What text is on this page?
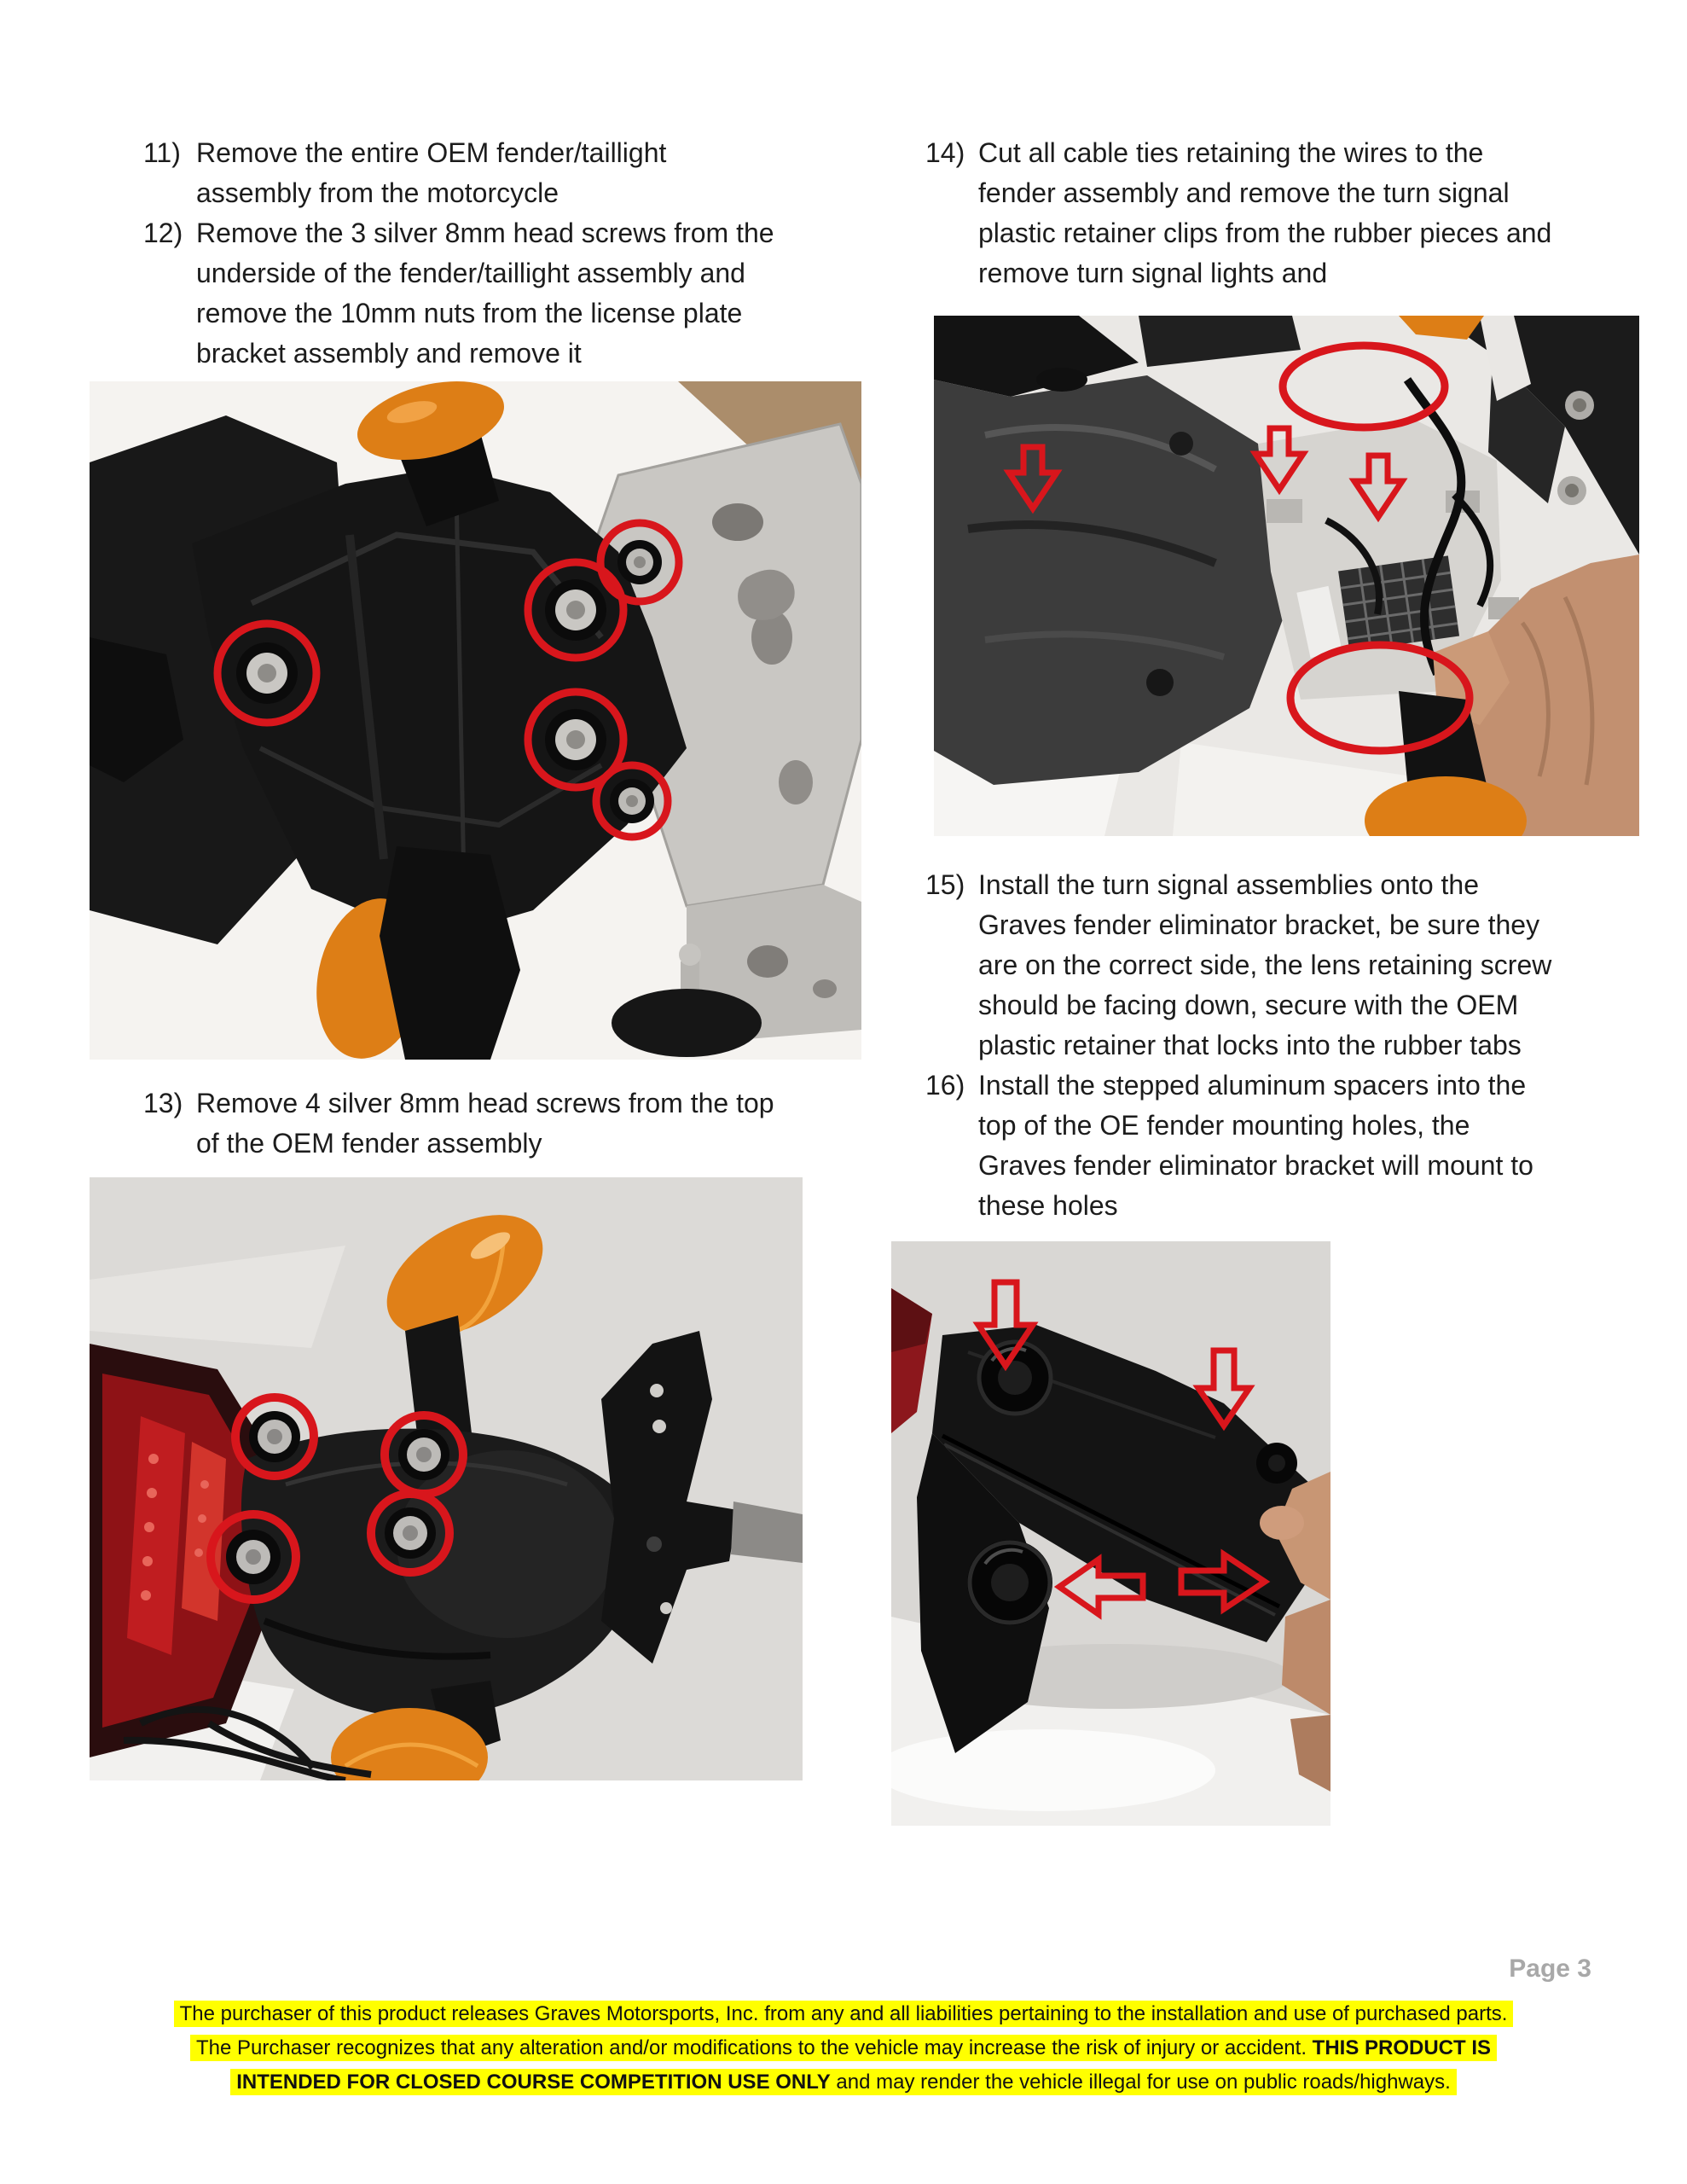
11) Remove the entire OEM fender/taillight
assembly from the motorcycle
12) Remove the 3 silver 8mm head screws from the
underside of the fender/taillight assembly and
remove the 10mm nuts from the license plate
bracket assembly and remove it
14) Cut all cable ties retaining the wires to the
fender assembly and remove the turn signal
plastic retainer clips from the rubber pieces and
remove turn signal lights and
15) Install the turn signal assemblies onto the
Graves fender eliminator bracket, be sure they
are on the correct side, the lens retaining screw
should be facing down, secure with the OEM
plastic retainer that locks into the rubber tabs
16) Install the stepped aluminum spacers into the
top of the OE fender mounting holes, the
Graves fender eliminator bracket will mount to
these holes
13) Remove 4 silver 8mm head screws from the top
of the OEM fender assembly
Page 3
The purchaser of this product releases Graves Motorsports, Inc. from any and all liabilities pertaining to the installation and use of purchased parts.
The Purchaser recognizes that any alteration and/or modifications to the vehicle may increase the risk of injury or accident. THIS PRODUCT IS
INTENDED FOR CLOSED COURSE COMPETITION USE ONLY and may render the vehicle illegal for use on public roads/highways.
